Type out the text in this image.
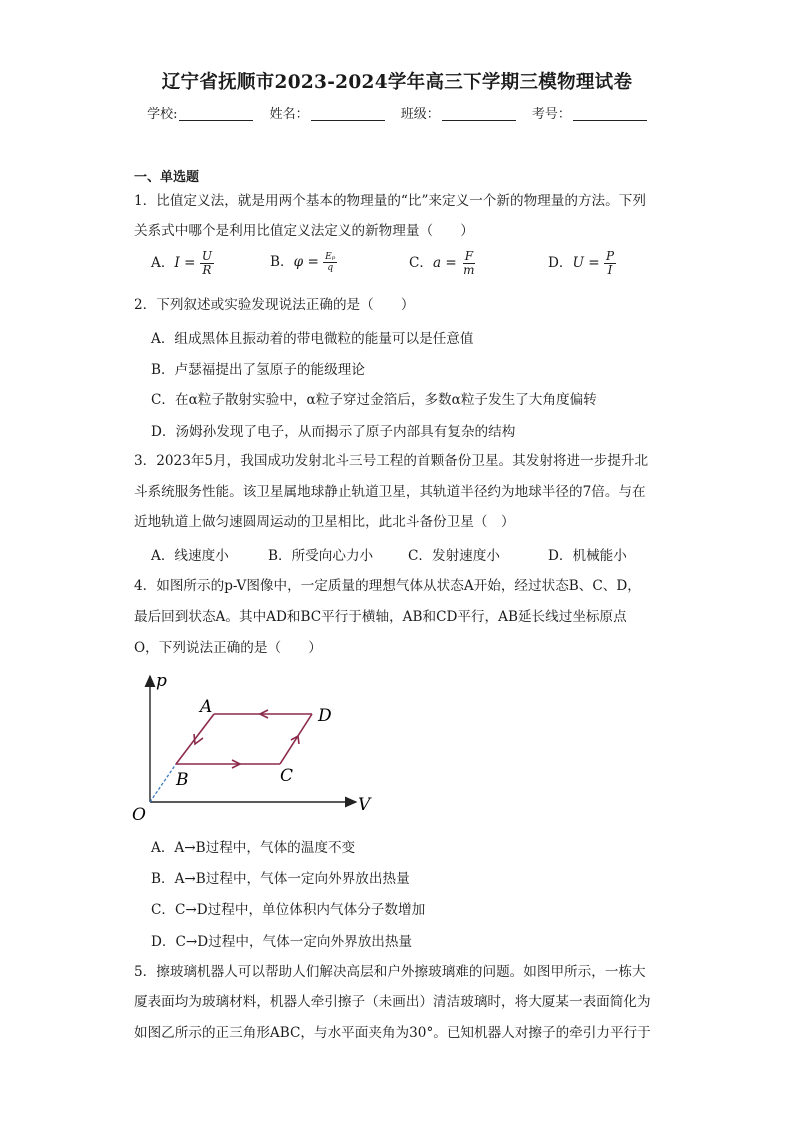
辽宁省抚顺市2023-2024学年高三下学期三模物理试卷
学校:	姓名：	班级：	考号：
一、单选题
1．比值定义法，就是用两个基本的物理量的“比”来定义一个新的物理量的方法。下列
关系式中哪个是利用比值定义法定义的新物理量（　　）
A．$I = \frac{U}{R}$	B．$\varphi = \frac{\text{Eₚ}}{q}$	C．$a = \frac{F}{m}$	D．$U = \frac{P}{I}$
2．下列叙述或实验发现说法正确的是（　　）
A．组成黑体且振动着的带电微粒的能量可以是任意值
B．卢瑟福提出了氢原子的能级理论
C．在α粒子散射实验中，α粒子穿过金箔后，多数α粒子发生了大角度偏转
D．汤姆孙发现了电子，从而揭示了原子内部具有复杂的结构
3．2023年5月，我国成功发射北斗三号工程的首颗备份卫星。其发射将进一步提升北
斗系统服务性能。该卫星属地球静止轨道卫星，其轨道半径约为地球半径的7倍。与在
近地轨道上做匀速圆周运动的卫星相比，此北斗备份卫星（　）
A．线速度小	B．所受向心力小	C．发射速度小	D．机械能小
4．如图所示的p-V图像中，一定质量的理想气体从状态A开始，经过状态B、C、D，
最后回到状态A。其中AD和BC平行于横轴，AB和CD平行，AB延长线过坐标原点
O，下列说法正确的是（　　）
p
V
O
A
B	C
D
A．A→B过程中，气体的温度不变
B．A→B过程中，气体一定向外界放出热量
C．C→D过程中，单位体积内气体分子数增加
D．C→D过程中，气体一定向外界放出热量
5．擦玻璃机器人可以帮助人们解决高层和户外擦玻璃难的问题。如图甲所示，一栋大
厦表面均为玻璃材料，机器人牵引擦子（未画出）清洁玻璃时，将大厦某一表面简化为
如图乙所示的正三角形ABC，与水平面夹角为30°。已知机器人对擦子的牵引力平行于
